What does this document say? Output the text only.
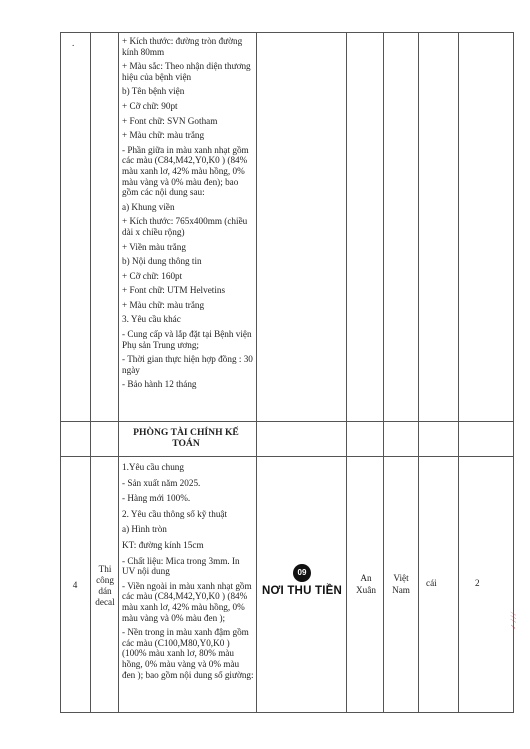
.	+ Kích thước: đường tròn đường kính 80mm
+ Màu sắc: Theo nhận diện thương hiệu của bệnh viện
b) Tên bệnh viện
+ Cỡ chữ: 90pt
+ Font chữ: SVN Gotham
+ Màu chữ: màu trắng
- Phần giữa in màu xanh nhạt gồm các màu (C84,M42,Y0,K0 ) (84% màu xanh lơ, 42% màu hồng, 0% màu vàng và 0% màu đen); bao gồm các nội dung sau:
a) Khung viền
+ Kích thước: 765x400mm (chiều dài x chiều rộng)
+ Viền màu trắng
b) Nội dung thông tin
+ Cỡ chữ: 160pt
+ Font chữ: UTM Helvetins
+ Màu chữ: màu trắng
3. Yêu cầu khác
- Cung cấp và lắp đặt tại Bệnh viện Phụ sản Trung ương;
- Thời gian thực hiện hợp đồng : 30 ngày
- Bảo hành 12 tháng
PHÒNG TÀI CHÍNH KẾ TOÁN
4
Thi công dán decal
1.Yêu cầu chung
- Sản xuất năm 2025.
- Hàng mới 100%.
2. Yêu cầu thông số kỹ thuật
a) Hình tròn
KT: đường kính 15cm
- Chất liệu: Mica trong 3mm. In UV nội dung
- Viền ngoài in màu xanh nhạt gồm các màu (C84,M42,Y0,K0 ) (84% màu xanh lơ, 42% màu hồng, 0% màu vàng và 0% màu đen );
- Nền trong in màu xanh đậm gồm các màu (C100,M80,Y0,K0 ) (100% màu xanh lơ, 80% màu hồng, 0% màu vàng và 0% màu đen ); bao gồm nội dung số giường:
09
NƠI THU TIỀN
An Xuân
Việt Nam
cái	2
✓ ∕ ∕ ∕
